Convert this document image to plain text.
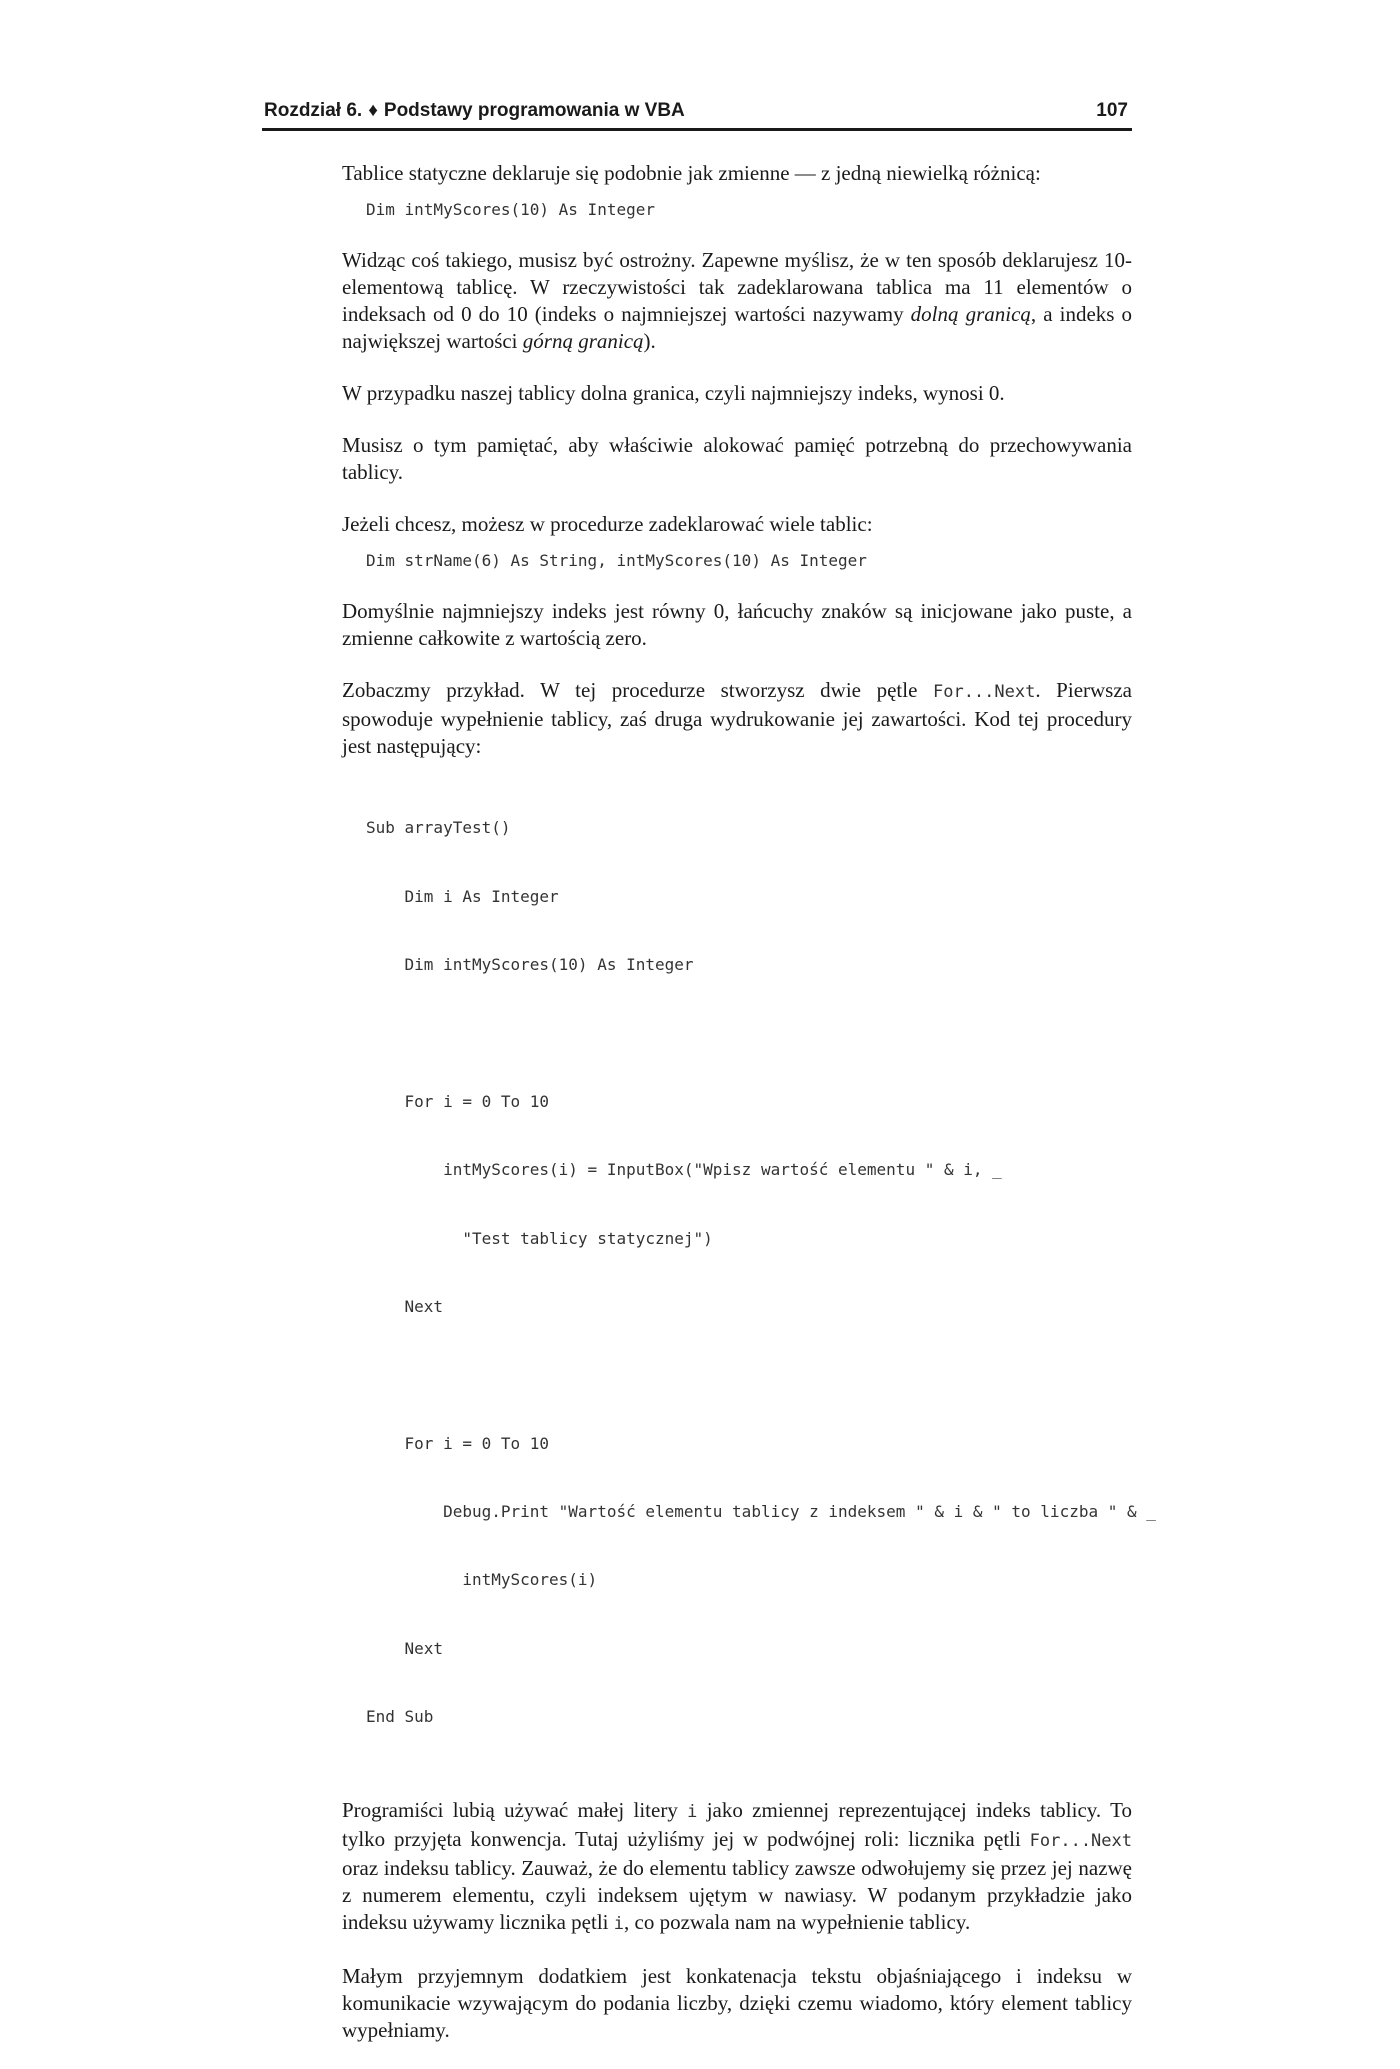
Rozdział 6. ♦ Podstawy programowania w VBA	107

Tablice statyczne deklaruje się podobnie jak zmienne — z jedną niewielką różnicą:

Dim intMyScores(10) As Integer

Widząc coś takiego, musisz być ostrożny. Zapewne myślisz, że w ten sposób deklarujesz 10-elementową tablicę. W rzeczywistości tak zadeklarowana tablica ma 11 elementów o indeksach od 0 do 10 (indeks o najmniejszej wartości nazywamy dolną granicą, a indeks o największej wartości górną granicą).

W przypadku naszej tablicy dolna granica, czyli najmniejszy indeks, wynosi 0.

Musisz o tym pamiętać, aby właściwie alokować pamięć potrzebną do przechowywania tablicy.

Jeżeli chcesz, możesz w procedurze zadeklarować wiele tablic:

Dim strName(6) As String, intMyScores(10) As Integer

Domyślnie najmniejszy indeks jest równy 0, łańcuchy znaków są inicjowane jako puste, a zmienne całkowite z wartością zero.

Zobaczmy przykład. W tej procedurze stworzysz dwie pętle For...Next. Pierwsza spowoduje wypełnienie tablicy, zaś druga wydrukowanie jej zawartości. Kod tej procedury jest następujący:

Sub arrayTest()

Dim i As Integer

Dim intMyScores(10) As Integer

For i = 0 To 10

intMyScores(i) = InputBox("Wpisz wartość elementu " & i, _

"Test tablicy statycznej")

Next

For i = 0 To 10

Debug.Print "Wartość elementu tablicy z indeksem " & i & " to liczba " & _

intMyScores(i)

Next

End Sub

Programiści lubią używać małej litery i jako zmiennej reprezentującej indeks tablicy. To tylko przyjęta konwencja. Tutaj użyliśmy jej w podwójnej roli: licznika pętli For...Next oraz indeksu tablicy. Zauważ, że do elementu tablicy zawsze odwołujemy się przez jej nazwę z numerem elementu, czyli indeksem ujętym w nawiasy. W podanym przykładzie jako indeksu używamy licznika pętli i, co pozwala nam na wypełnienie tablicy.

Małym przyjemnym dodatkiem jest konkatenacja tekstu objaśniającego i indeksu w komunikacie wzywającym do podania liczby, dzięki czemu wiadomo, który element tablicy wypełniamy.
